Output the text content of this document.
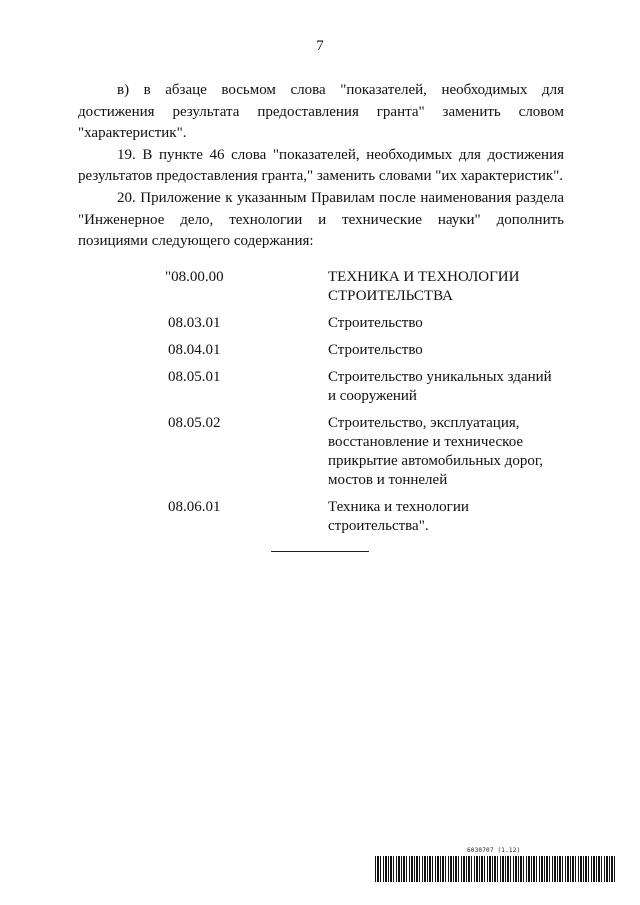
7

в) в абзаце восьмом слова "показателей, необходимых для достижения результата предоставления гранта" заменить словом "характеристик".

19. В пункте 46 слова "показателей, необходимых для достижения результатов предоставления гранта," заменить словами "их характеристик".

20. Приложение к указанным Правилам после наименования раздела "Инженерное дело, технологии и технические науки" дополнить позициями следующего содержания:

"08.00.00	ТЕХНИКА И ТЕХНОЛОГИИ СТРОИТЕЛЬСТВА
08.03.01	Строительство
08.04.01	Строительство
08.05.01	Строительство уникальных зданий и сооружений
08.05.02	Строительство, эксплуатация, восстановление и техническое прикрытие автомобильных дорог, мостов и тоннелей
08.06.01	Техника и технологии строительства".
6030707 (1.12)
